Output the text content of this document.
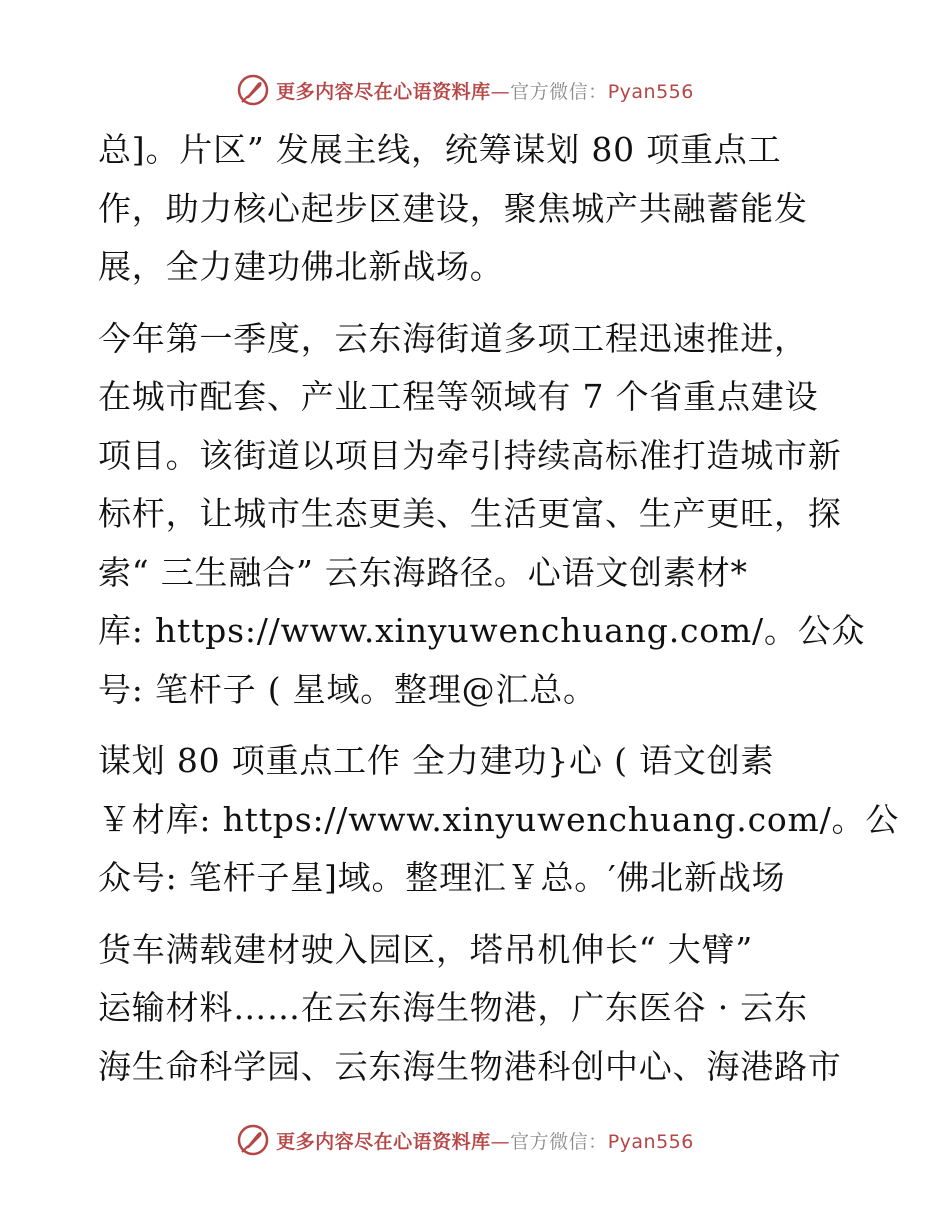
更多内容尽在心语资料库—官方微信：Pyan556
总]。片区” 发展主线，统筹谋划 80 项重点工
作，助力核心起步区建设，聚焦城产共融蓄能发
展，全力建功佛北新战场。
今年第一季度，云东海街道多项工程迅速推进，
在城市配套、产业工程等领域有 7 个省重点建设
项目。该街道以项目为牵引持续高标准打造城市新
标杆，让城市生态更美、生活更富、生产更旺，探
索“ 三生融合” 云东海路径。心语文创素材*
库: https://www.xinyuwenchuang.com/。公众
号: 笔杆子 ( 星域。整理@汇总。
谋划 80 项重点工作 全力建功}心 ( 语文创素
￥材库: https://www.xinyuwenchuang.com/。公
众号: 笔杆子星]域。整理汇￥总。′佛北新战场
货车满载建材驶入园区，塔吊机伸长“ 大臂”
运输材料……在云东海生物港，广东医谷 · 云东
海生命科学园、云东海生物港科创中心、海港路市
更多内容尽在心语资料库—官方微信：Pyan556
